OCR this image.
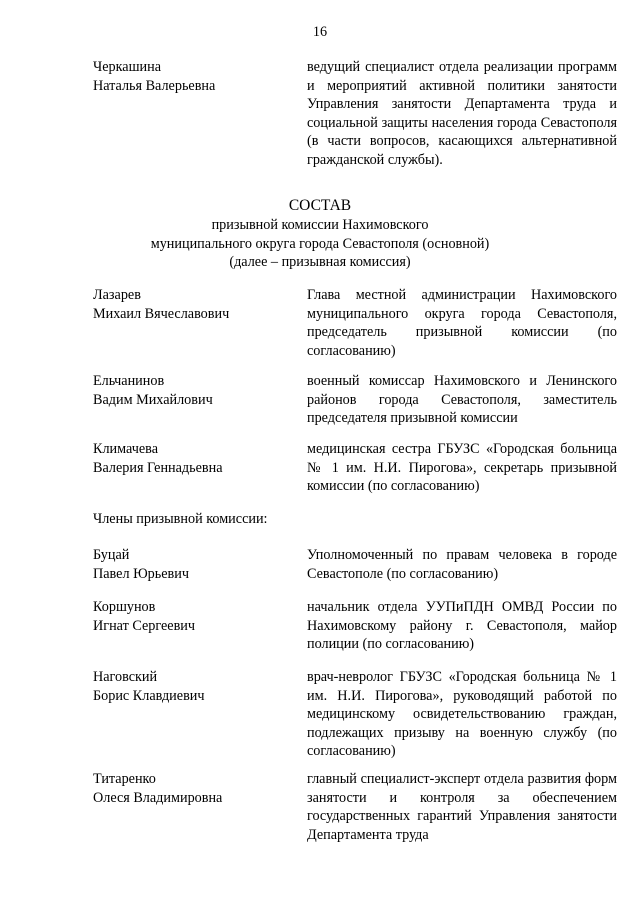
16
Черкашина
Наталья Валерьевна
ведущий специалист отдела реализации программ и мероприятий активной политики занятости Управления занятости Департамента труда и социальной защиты населения города Севастополя (в части вопросов, касающихся альтернативной гражданской службы).
СОСТАВ
призывной комиссии Нахимовского
муниципального округа города Севастополя (основной)
(далее – призывная комиссия)
Лазарев
Михаил Вячеславович
Глава местной администрации Нахимовского муниципального округа города Севастополя, председатель призывной комиссии (по согласованию)
Ельчанинов
Вадим Михайлович
военный комиссар Нахимовского и Ленинского районов города Севастополя, заместитель председателя призывной комиссии
Климачева
Валерия Геннадьевна
медицинская сестра ГБУЗС «Городская больница № 1 им. Н.И. Пирогова», секретарь призывной комиссии (по согласованию)
Члены призывной комиссии:
Буцай
Павел Юрьевич
Уполномоченный по правам человека в городе Севастополе (по согласованию)
Коршунов
Игнат Сергеевич
начальник отдела УУПиПДН ОМВД России по Нахимовскому району г. Севастополя, майор полиции (по согласованию)
Наговский
Борис Клавдиевич
врач-невролог ГБУЗС «Городская больница № 1 им. Н.И. Пирогова», руководящий работой по медицинскому освидетельствованию граждан, подлежащих призыву на военную службу (по согласованию)
Титаренко
Олеся Владимировна
главный специалист-эксперт отдела развития форм занятости и контроля за обеспечением государственных гарантий Управления занятости Департамента труда
